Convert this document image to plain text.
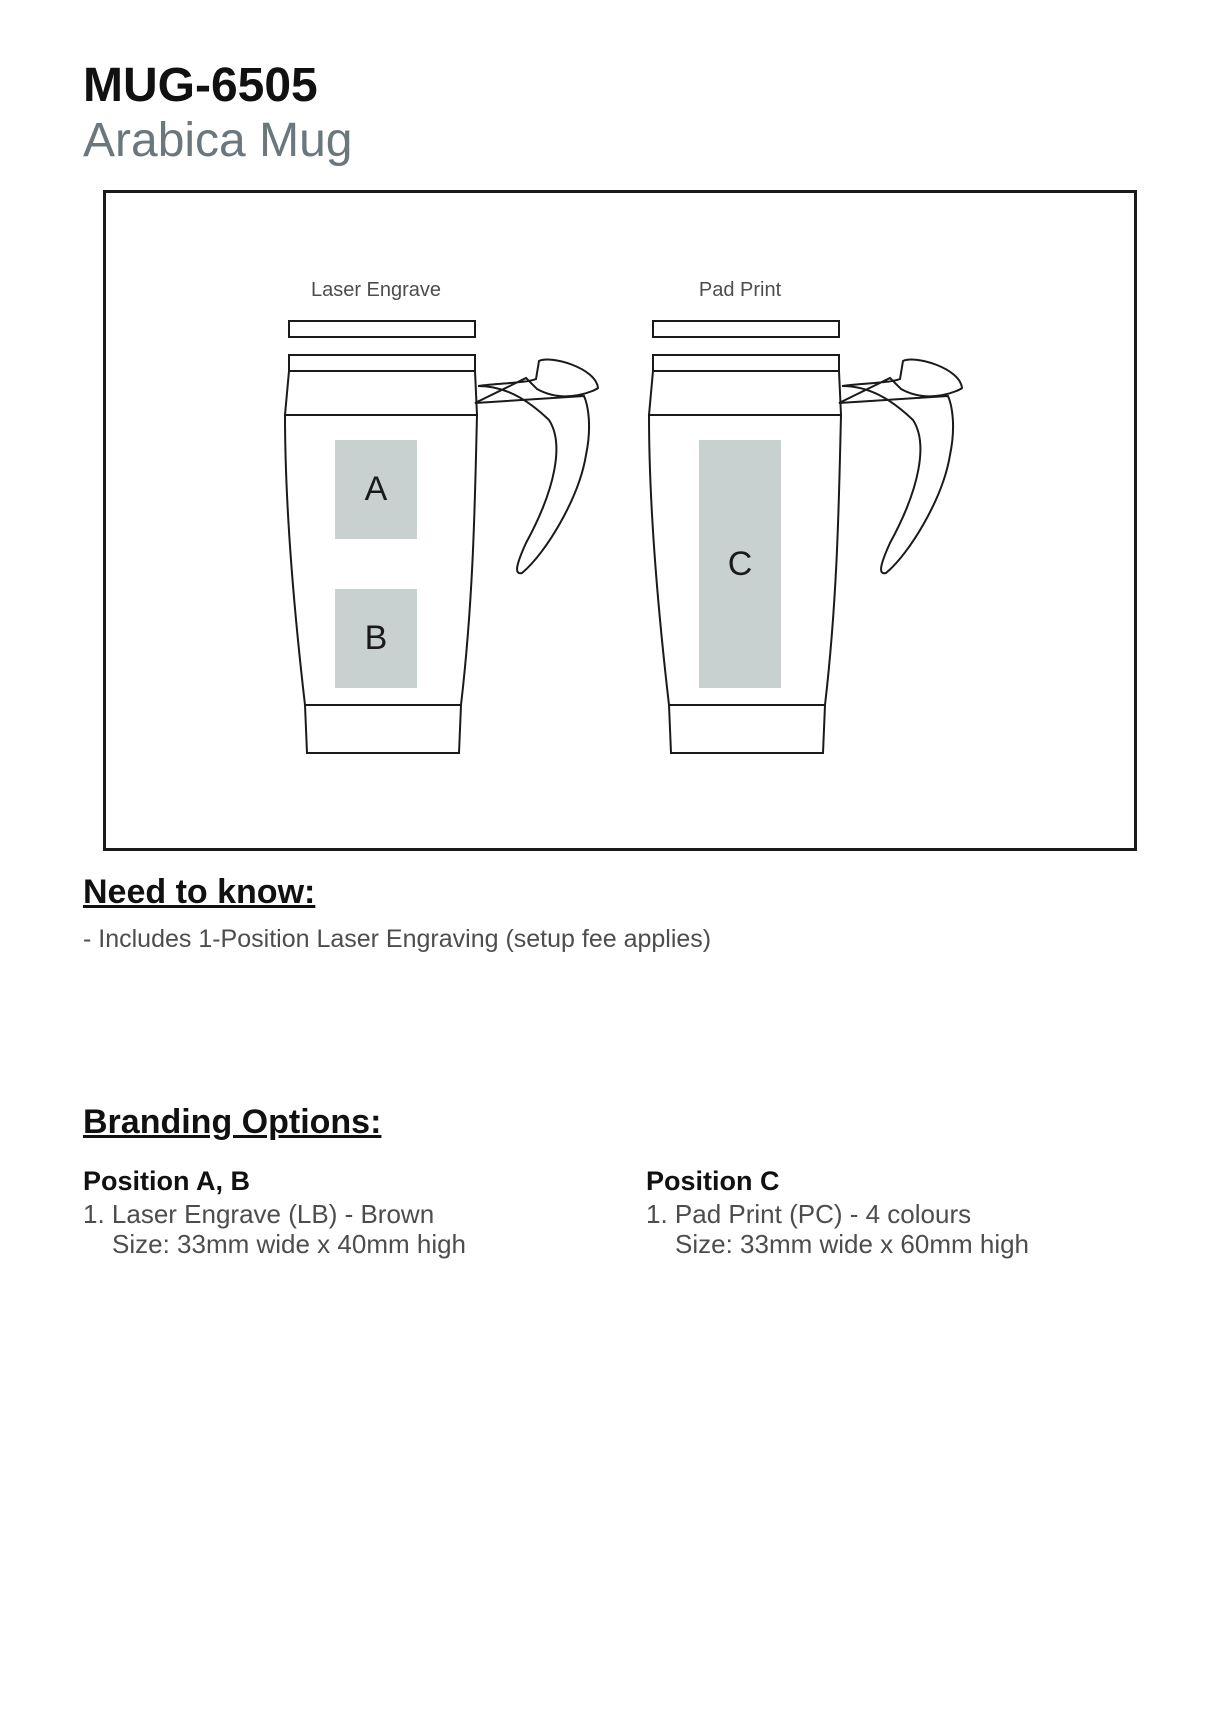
MUG-6505
Arabica Mug
Laser Engrave	Pad Print
A
B
C
Need to know:
- Includes 1-Position Laser Engraving (setup fee applies)
Branding Options:
Position A, B
1. Laser Engrave (LB) - Brown
Size: 33mm wide x 40mm high
Position C
1. Pad Print (PC) - 4 colours
Size: 33mm wide x 60mm high
